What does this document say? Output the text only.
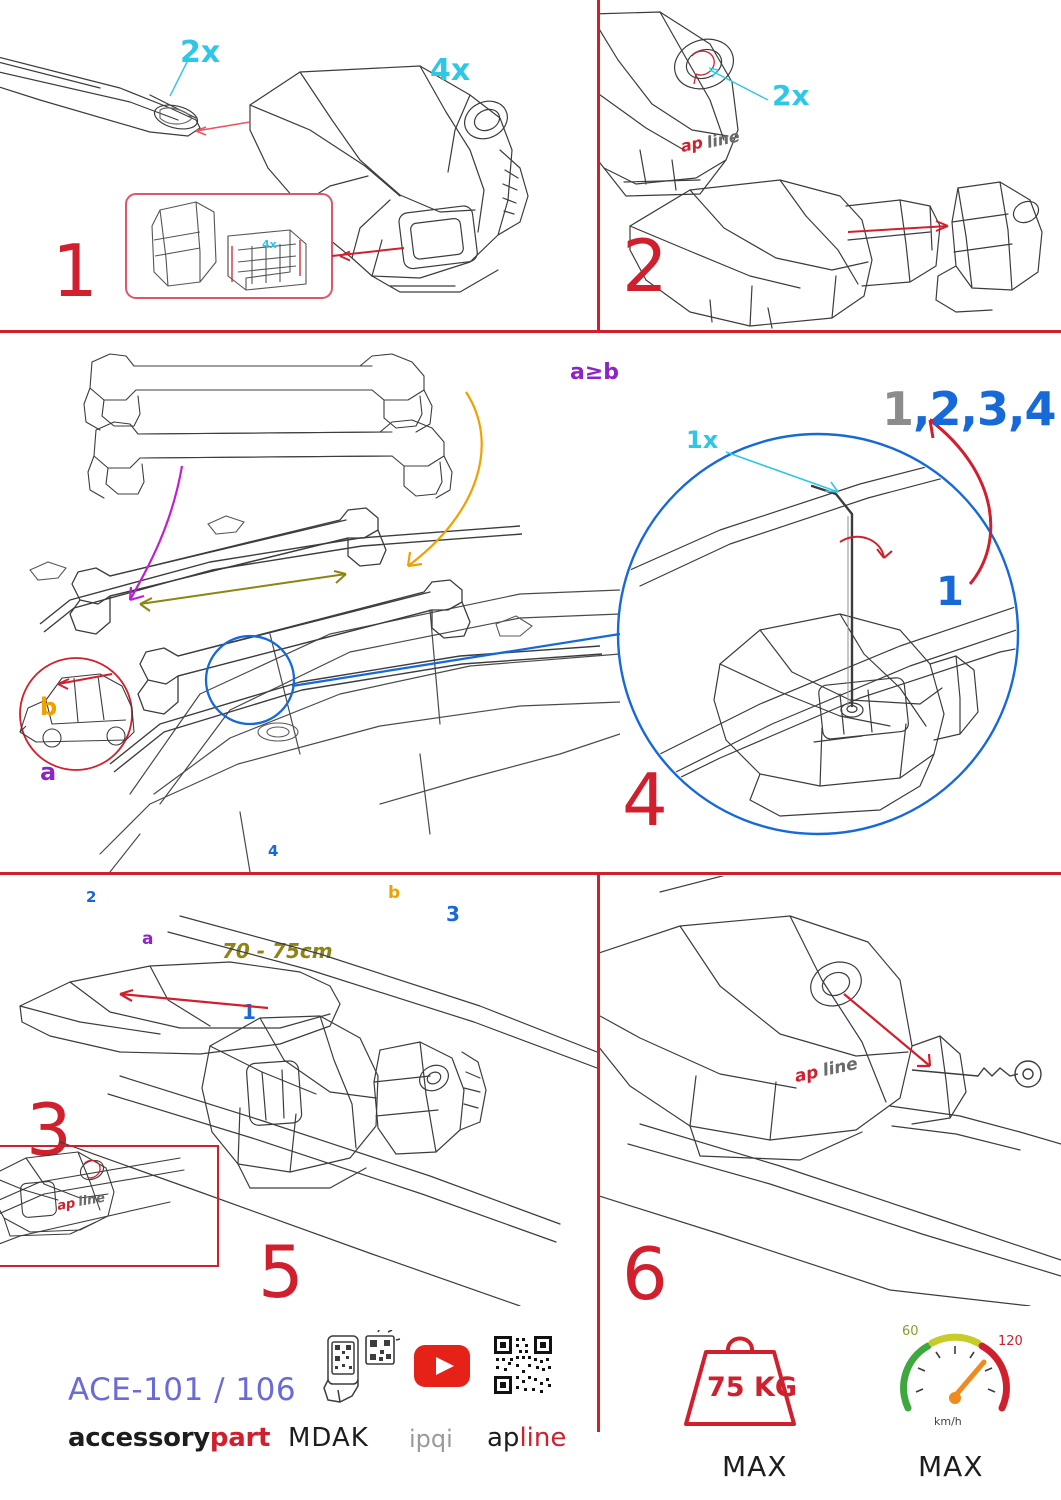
4x
2x
4x
1
ap line
2x
2
b
a
a
b
1
2
3
4
70 - 75cm
3
a≥b
1x
1
1,2,3,4
4
ap line
5
ap line
6
ACE-101 / 106
accessorypart MDAK ipqi apline
75 KG
MAX
60
120
km/h
MAX
